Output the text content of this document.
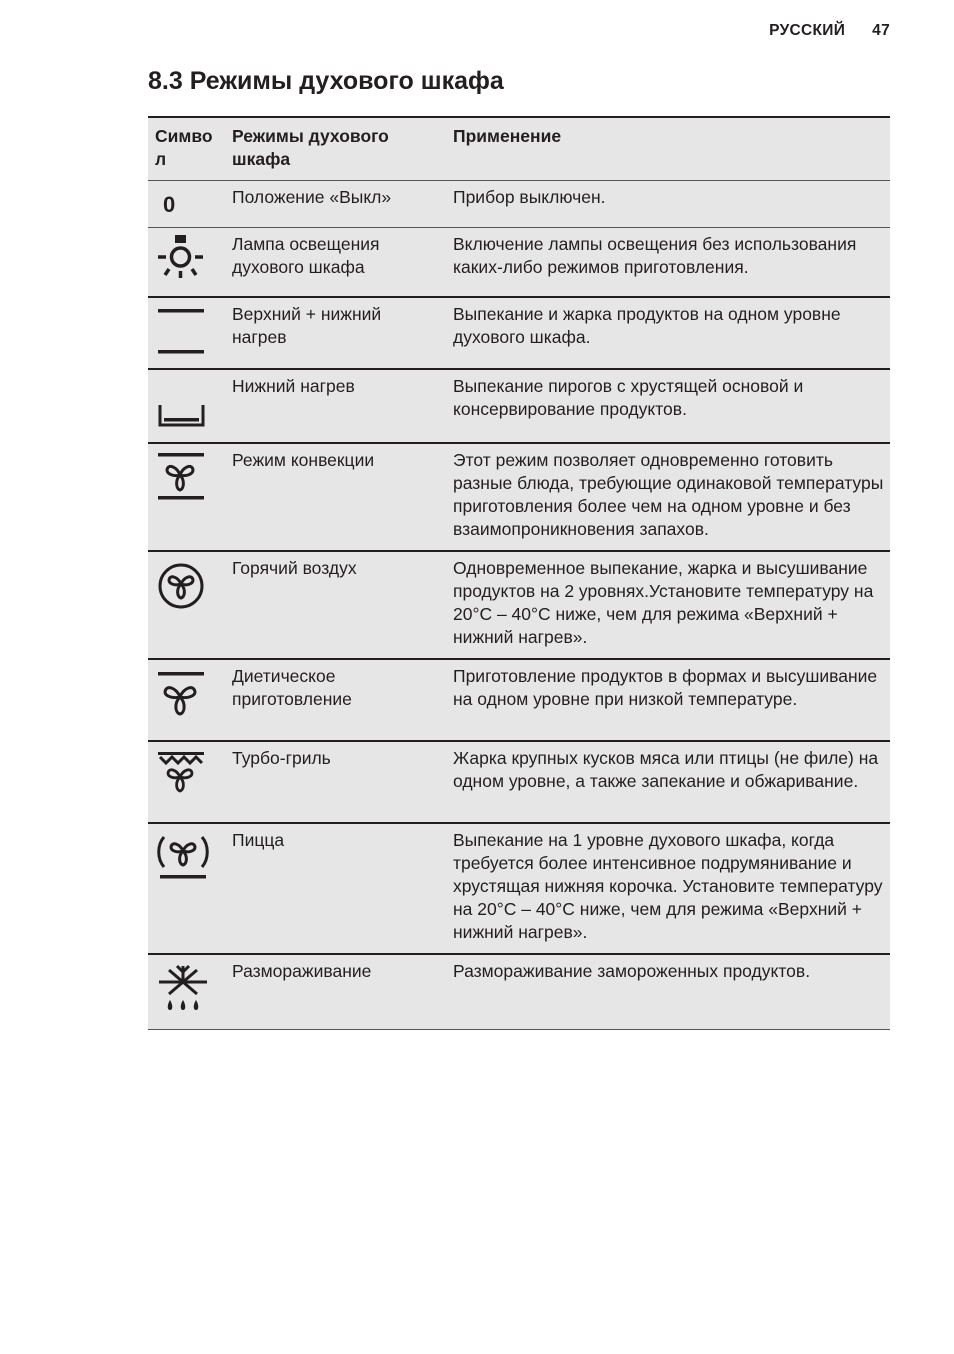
РУССКИЙ 47
8.3 Режимы духового шкафа
Симво л	Режимы духового шкафа	Применение

0	Положение «Выкл»	Прибор выключен.

	Лампа освещения духового шкафа	Включение лампы освещения без использования каких-либо режимов приготовления.

	Верхний + нижний нагрев	Выпекание и жарка продуктов на одном уровне духового шкафа.

	Нижний нагрев	Выпекание пирогов с хрустящей основой и консервирование продуктов.

	Режим конвекции	Этот режим позволяет одновременно готовить разные блюда, требующие одинаковой температуры приготовления более чем на одном уровне и без взаимопроникновения запахов.

	Горячий воздух	Одновременное выпекание, жарка и высушивание продуктов на 2 уровнях.Установите температуру на 20°C – 40°C ниже, чем для режима «Верхний + нижний нагрев».

	Диетическое приготовление	Приготовление продуктов в формах и высушивание на одном уровне при низкой температуре.

	Турбо-гриль	Жарка крупных кусков мяса или птицы (не филе) на одном уровне, а также запекание и обжаривание.

	Пицца	Выпекание на 1 уровне духового шкафа, когда требуется более интенсивное подрумянивание и хрустящая нижняя корочка. Установите температуру на 20°C – 40°C ниже, чем для режима «Верхний + нижний нагрев».

	Размораживание	Размораживание замороженных продуктов.
